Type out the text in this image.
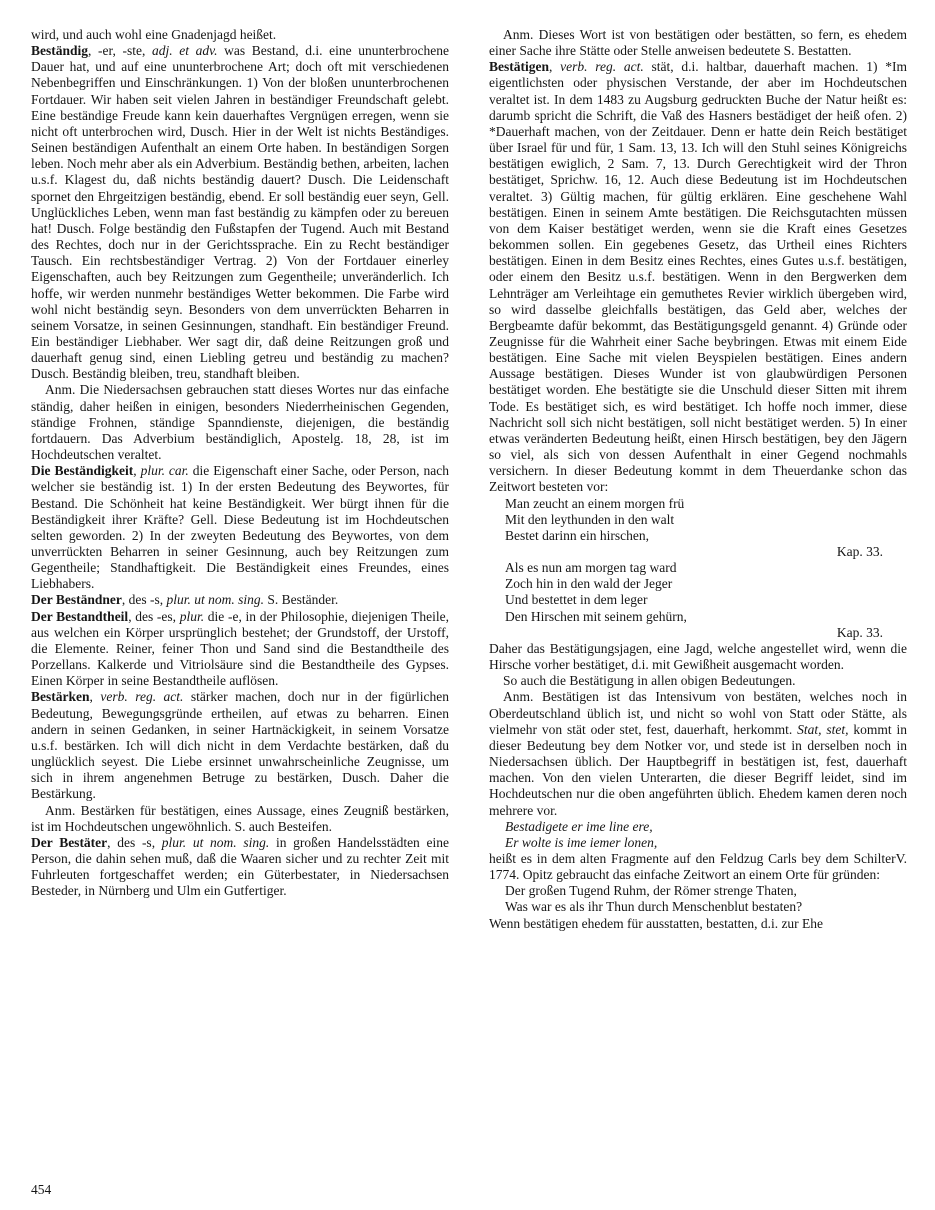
wird, und auch wohl eine Gnadenjagd heißet.

Beständig, -er, -ste, adj. et adv. was Bestand, d.i. eine ununterbrochene Dauer hat, und auf eine ununterbrochene Art; doch oft mit verschiedenen Nebenbegriffen und Einschränkungen. 1) Von der bloßen ununterbrochenen Fortdauer. Wir haben seit vielen Jahren in beständiger Freundschaft gelebt. Eine beständige Freude kann kein dauerhaftes Vergnügen erregen, wenn sie nicht oft unterbrochen wird, Dusch. Hier in der Welt ist nichts Beständiges. Seinen beständigen Aufenthalt an einem Orte haben. In beständigen Sorgen leben. Noch mehr aber als ein Adverbium. Beständig bethen, arbeiten, lachen u.s.f. Klagest du, daß nichts beständig dauert? Dusch. Die Leidenschaft spornet den Ehrgeitzigen beständig, ebend. Er soll beständig euer seyn, Gell. Unglückliches Leben, wenn man fast beständig zu kämpfen oder zu bereuen hat! Dusch. Folge beständig den Fußstapfen der Tugend. Auch mit Bestand des Rechtes, doch nur in der Gerichtssprache. Ein zu Recht beständiger Tausch. Ein rechtsbeständiger Vertrag. 2) Von der Fortdauer einerley Eigenschaften, auch bey Reitzungen zum Gegentheile; unveränderlich. Ich hoffe, wir werden nunmehr beständiges Wetter bekommen. Die Farbe wird wohl nicht beständig seyn. Besonders von dem unverrückten Beharren in seinem Vorsatze, in seinen Gesinnungen, standhaft. Ein beständiger Freund. Ein beständiger Liebhaber. Wer sagt dir, daß deine Reitzungen groß und dauerhaft genug sind, einen Liebling getreu und beständig zu machen? Dusch. Beständig bleiben, treu, standhaft bleiben.

Anm. Die Niedersachsen gebrauchen statt dieses Wortes nur das einfache ständig, daher heißen in einigen, besonders Niederrheinischen Gegenden, ständige Frohnen, ständige Spanndienste, diejenigen, die beständig fortdauern. Das Adverbium beständiglich, Apostelg. 18, 28, ist im Hochdeutschen veraltet.

Die Beständigkeit, plur. car. die Eigenschaft einer Sache, oder Person, nach welcher sie beständig ist. 1) In der ersten Bedeutung des Beywortes, für Bestand. Die Schönheit hat keine Beständigkeit. Wer bürgt ihnen für die Beständigkeit ihrer Kräfte? Gell. Diese Bedeutung ist im Hochdeutschen selten geworden. 2) In der zweyten Bedeutung des Beywortes, von dem unverrückten Beharren in seiner Gesinnung, auch bey Reitzungen zum Gegentheile; Standhaftigkeit. Die Beständigkeit eines Freundes, eines Liebhabers.

Der Beständner, des -s, plur. ut nom. sing. S. Beständer.

Der Bestandtheil, des -es, plur. die -e, in der Philosophie, diejenigen Theile, aus welchen ein Körper ursprünglich bestehet; der Grundstoff, der Urstoff, die Elemente. Reiner, feiner Thon und Sand sind die Bestandtheile des Porzellans. Kalkerde und Vitriolsäure sind die Bestandtheile des Gypses. Einen Körper in seine Bestandtheile auflösen.

Bestärken, verb. reg. act. stärker machen, doch nur in der figürlichen Bedeutung, Bewegungsgründe ertheilen, auf etwas zu beharren. Einen andern in seinen Gedanken, in seiner Hartnäckigkeit, in seinem Vorsatze u.s.f. bestärken. Ich will dich nicht in dem Verdachte bestärken, daß du unglücklich seyest. Die Liebe ersinnet unwahrscheinliche Zeugnisse, um sich in ihrem angenehmen Betruge zu bestärken, Dusch. Daher die Bestärkung.

Anm. Bestärken für bestätigen, eines Aussage, eines Zeugniß bestärken, ist im Hochdeutschen ungewöhnlich. S. auch Besteifen.

Der Bestäter, des -s, plur. ut nom. sing. in großen Handelsstädten eine Person, die dahin sehen muß, daß die Waaren sicher und zu rechter Zeit mit Fuhrleuten fortgeschaffet werden; ein Güterbestater, in Niedersachsen Besteder, in Nürnberg und Ulm ein Gutfertiger.

Anm. Dieses Wort ist von bestätigen oder bestätten, so fern, es ehedem einer Sache ihre Stätte oder Stelle anweisen bedeutete S. Bestatten.

Bestätigen, verb. reg. act. stät, d.i. haltbar, dauerhaft machen. 1) *Im eigentlichsten oder physischen Verstande, der aber im Hochdeutschen veraltet ist. In dem 1483 zu Augsburg gedruckten Buche der Natur heißt es: darumb spricht die Schrift, die Vaß des Hasners bestädiget der heiß ofen. 2) *Dauerhaft machen, von der Zeitdauer. Denn er hatte dein Reich bestätiget über Israel für und für, 1 Sam. 13, 13. Ich will den Stuhl seines Königreichs bestätigen ewiglich, 2 Sam. 7, 13. Durch Gerechtigkeit wird der Thron bestätiget, Sprichw. 16, 12. Auch diese Bedeutung ist im Hochdeutschen veraltet. 3) Gültig machen, für gültig erklären. Eine geschehene Wahl bestätigen. Einen in seinem Amte bestätigen. Die Reichsgutachten müssen von dem Kaiser bestätiget werden, wenn sie die Kraft eines Gesetzes bekommen sollen. Ein gegebenes Gesetz, das Urtheil eines Richters bestätigen. Einen in dem Besitz eines Rechtes, eines Gutes u.s.f. bestätigen, oder einem den Besitz u.s.f. bestätigen. Wenn in den Bergwerken dem Lehnträger am Verleihtage ein gemuthetes Revier wirklich übergeben wird, so wird dasselbe gleichfalls bestätigen, das Geld aber, welches der Bergbeamte dafür bekommt, das Bestätigungsgeld genannt. 4) Gründe oder Zeugnisse für die Wahrheit einer Sache beybringen. Etwas mit einem Eide bestätigen. Eine Sache mit vielen Beyspielen bestätigen. Eines andern Aussage bestätigen. Dieses Wunder ist von glaubwürdigen Personen bestätiget worden. Ehe bestätigte sie die Unschuld dieser Sitten mit ihrem Tode. Es bestätiget sich, es wird bestätiget. Ich hoffe noch immer, diese Nachricht soll sich nicht bestätigen, soll nicht bestätiget werden. 5) In einer etwas veränderten Bedeutung heißt, einen Hirsch bestätigen, bey den Jägern so viel, als sich von dessen Aufenthalt in einer Gegend nochmahls versichern. In dieser Bedeutung kommt in dem Theuerdanke schon das Zeitwort besteten vor:

Man zeucht an einem morgen frü

Mit den leythunden in den walt

Bestet darinn ein hirschen,

Kap. 33.

Als es nun am morgen tag ward

Zoch hin in den wald der Jeger

Und bestettet in dem leger

Den Hirschen mit seinem gehürn,

Kap. 33.

Daher das Bestätigungsjagen, eine Jagd, welche angestellet wird, wenn die Hirsche vorher bestätiget, d.i. mit Gewißheit ausgemacht worden.

So auch die Bestätigung in allen obigen Bedeutungen.

Anm. Bestätigen ist das Intensivum von bestäten, welches noch in Oberdeutschland üblich ist, und nicht so wohl von Statt oder Stätte, als vielmehr von stät oder stet, fest, dauerhaft, herkommt. Stat, stet, kommt in dieser Bedeutung bey dem Notker vor, und stede ist in derselben noch in Niedersachsen üblich. Der Hauptbegriff in bestätigen ist, fest, dauerhaft machen. Von den vielen Unterarten, die dieser Begriff leidet, sind im Hochdeutschen nur die oben angeführten üblich. Ehedem kamen deren noch mehrere vor.

Bestadigete er ime line ere,

Er wolte is ime iemer lonen,

heißt es in dem alten Fragmente auf den Feldzug Carls bey dem SchilterV. 1774. Opitz gebraucht das einfache Zeitwort an einem Orte für gründen:

Der großen Tugend Ruhm, der Römer strenge Thaten,

Was war es als ihr Thun durch Menschenblut bestaten?

Wenn bestätigen ehedem für ausstatten, bestatten, d.i. zur Ehe

454
